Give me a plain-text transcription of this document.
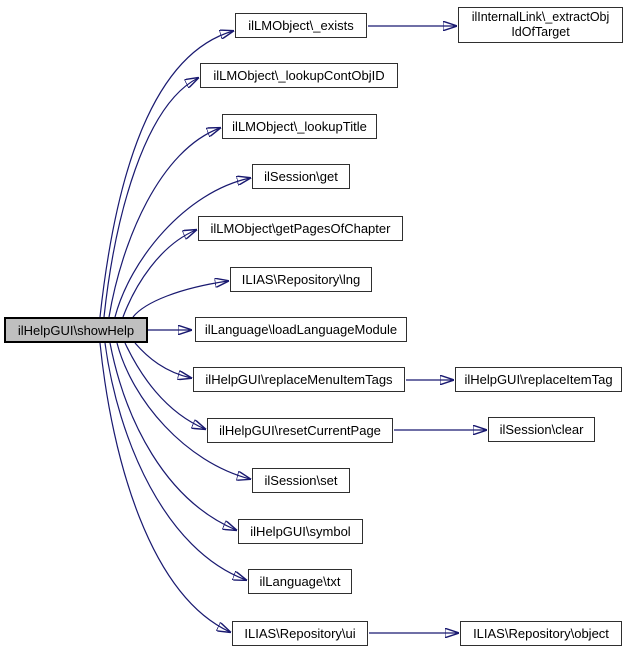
ilHelpGUI\showHelp
ilInternalLink\_extractObj
IdOfTarget
ilLMObject\_exists
ilLMObject\_lookupContObjID
ilLMObject\_lookupTitle
ilSession\get
ilLMObject\getPagesOfChapter
ILIAS\Repository\lng
ilLanguage\loadLanguageModule
ilHelpGUI\replaceMenuItemTags	ilHelpGUI\replaceItemTag
ilHelpGUI\resetCurrentPage	ilSession\clear
ilSession\set
ilHelpGUI\symbol
ilLanguage\txt
ILIAS\Repository\ui	ILIAS\Repository\object
